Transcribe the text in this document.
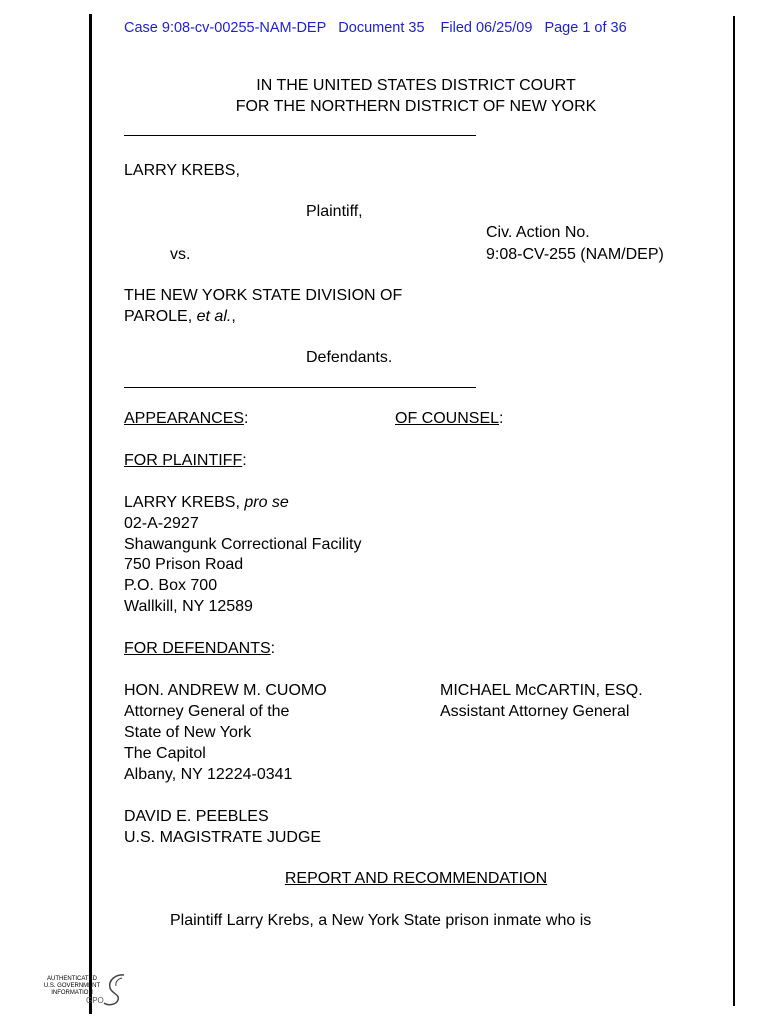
Case 9:08-cv-00255-NAM-DEP Document 35 Filed 06/25/09 Page 1 of 36
IN THE UNITED STATES DISTRICT COURT
FOR THE NORTHERN DISTRICT OF NEW YORK
LARRY KREBS,
Plaintiff,
Civ. Action No.
vs.	9:08-CV-255 (NAM/DEP)
THE NEW YORK STATE DIVISION OF
PAROLE, et al.,
Defendants.
APPEARANCES:	OF COUNSEL:
FOR PLAINTIFF:
LARRY KREBS, pro se
02-A-2927
Shawangunk Correctional Facility
750 Prison Road
P.O. Box 700
Wallkill, NY 12589
FOR DEFENDANTS:
HON. ANDREW M. CUOMO
Attorney General of the
State of New York
The Capitol
Albany, NY 12224-0341
MICHAEL McCARTIN, ESQ.
Assistant Attorney General
DAVID E. PEEBLES
U.S. MAGISTRATE JUDGE
REPORT AND RECOMMENDATION
Plaintiff Larry Krebs, a New York State prison inmate who is
AUTHENTICATED
U.S. GOVERNMENT
INFORMATION
GPO
